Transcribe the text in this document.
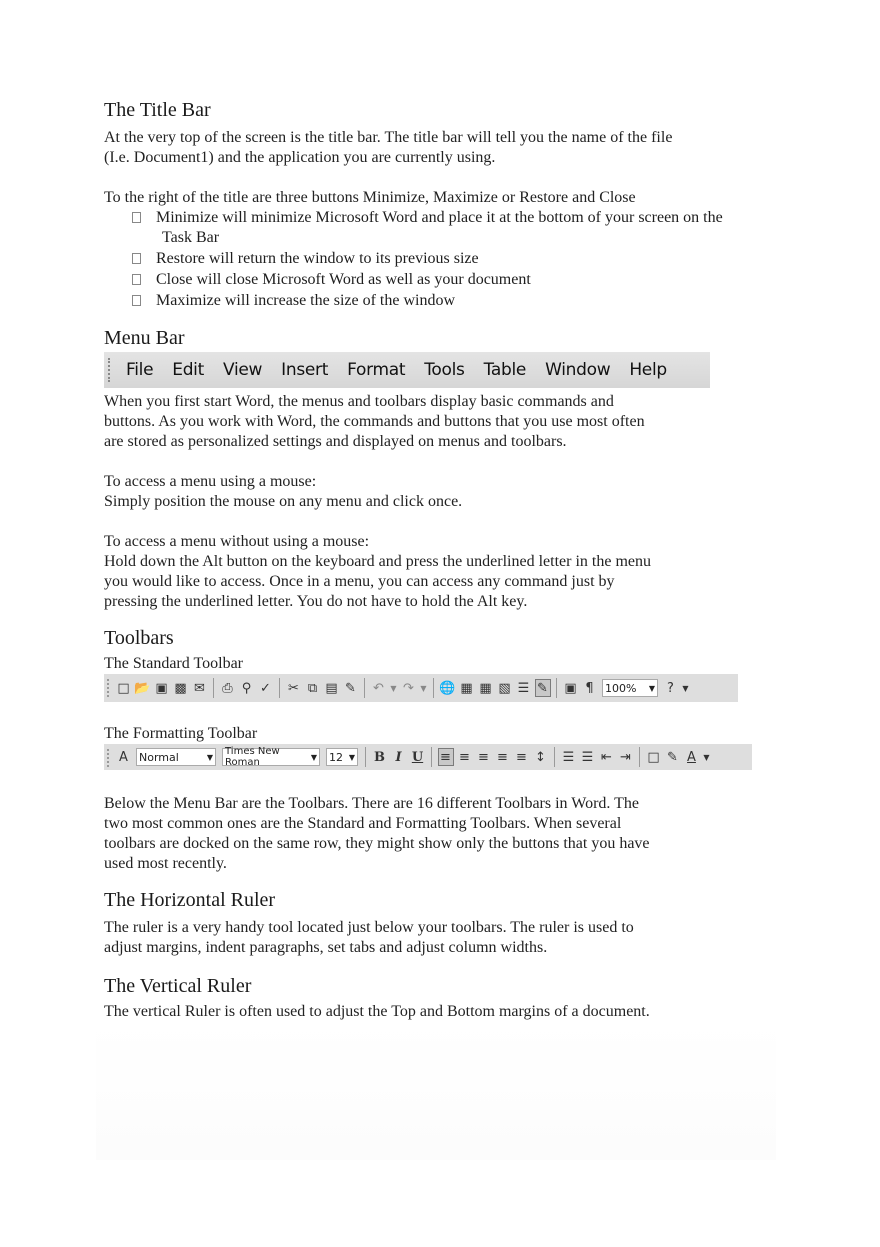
The Title Bar

At the very top of the screen is the title bar. The title bar will tell you the name of the file

(I.e. Document1) and the application you are currently using.

To the right of the title are three buttons Minimize, Maximize or Restore and Close

Minimize will minimize Microsoft Word and place it at the bottom of your screen on the Task Bar
Restore will return the window to its previous size
Close will close Microsoft Word as well as your document
Maximize will increase the size of the window
Menu Bar
File Edit View Insert Format Tools Table Window Help

When you first start Word, the menus and toolbars display basic commands and

buttons. As you work with Word, the commands and buttons that you use most often

are stored as personalized settings and displayed on menus and toolbars.

To access a menu using a mouse:

Simply position the mouse on any menu and click once.

To access a menu without using a mouse:

Hold down the Alt button on the keyboard and press the underlined letter in the menu

you would like to access. Once in a menu, you can access any command just by

pressing the underlined letter. You do not have to hold the Alt key.

Toolbars

The Standard Toolbar

□ 📂 ▣ ▩ ✉ ⎙ ⚲ ✓ ✂ ⧉ ▤ ✎ ↶ ▼ ↷ ▼ 🌐 ▦ ▦ ▧ ☰ ✎ ▣ ¶	100% ▼ ?	▼

The Formatting Toolbar

A	Normal	▼ Times New Roman	▼ 12 ▼ B I U ≡ ≡ ≡ ≡ ≡ ↕ ☰ ☰ ⇤ ⇥ □ ✎ A ▼

Below the Menu Bar are the Toolbars. There are 16 different Toolbars in Word. The

two most common ones are the Standard and Formatting Toolbars. When several

toolbars are docked on the same row, they might show only the buttons that you have

used most recently.

The Horizontal Ruler

The ruler is a very handy tool located just below your toolbars. The ruler is used to

adjust margins, indent paragraphs, set tabs and adjust column widths.

The Vertical Ruler

The vertical Ruler is often used to adjust the Top and Bottom margins of a document.
